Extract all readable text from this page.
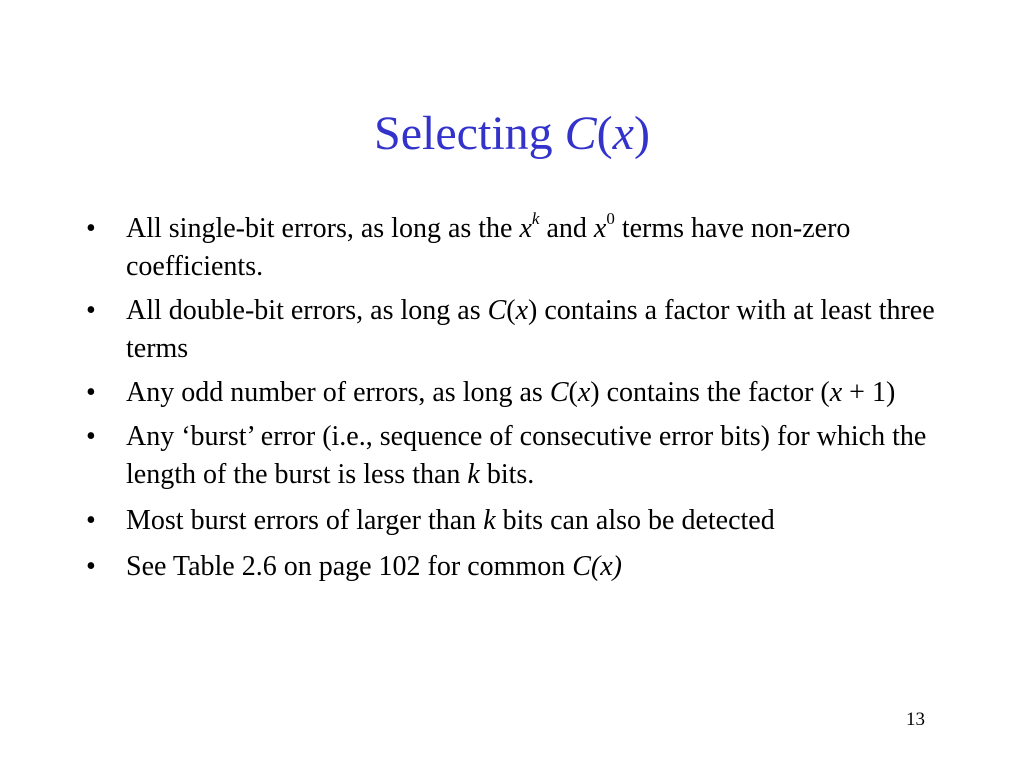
Selecting C(x)
•	All single-bit errors, as long as the $x^k$ and $x^0$ terms have non-zero coefficients.
•	All double-bit errors, as long as C(x) contains a factor with at least three terms
•	Any odd number of errors, as long as C(x) contains the factor (x + 1)
•	Any ‘burst’ error (i.e., sequence of consecutive error bits) for which the length of the burst is less than k bits.
•	Most burst errors of larger than k bits can also be detected
•	See Table 2.6 on page 102 for common C(x)
13
